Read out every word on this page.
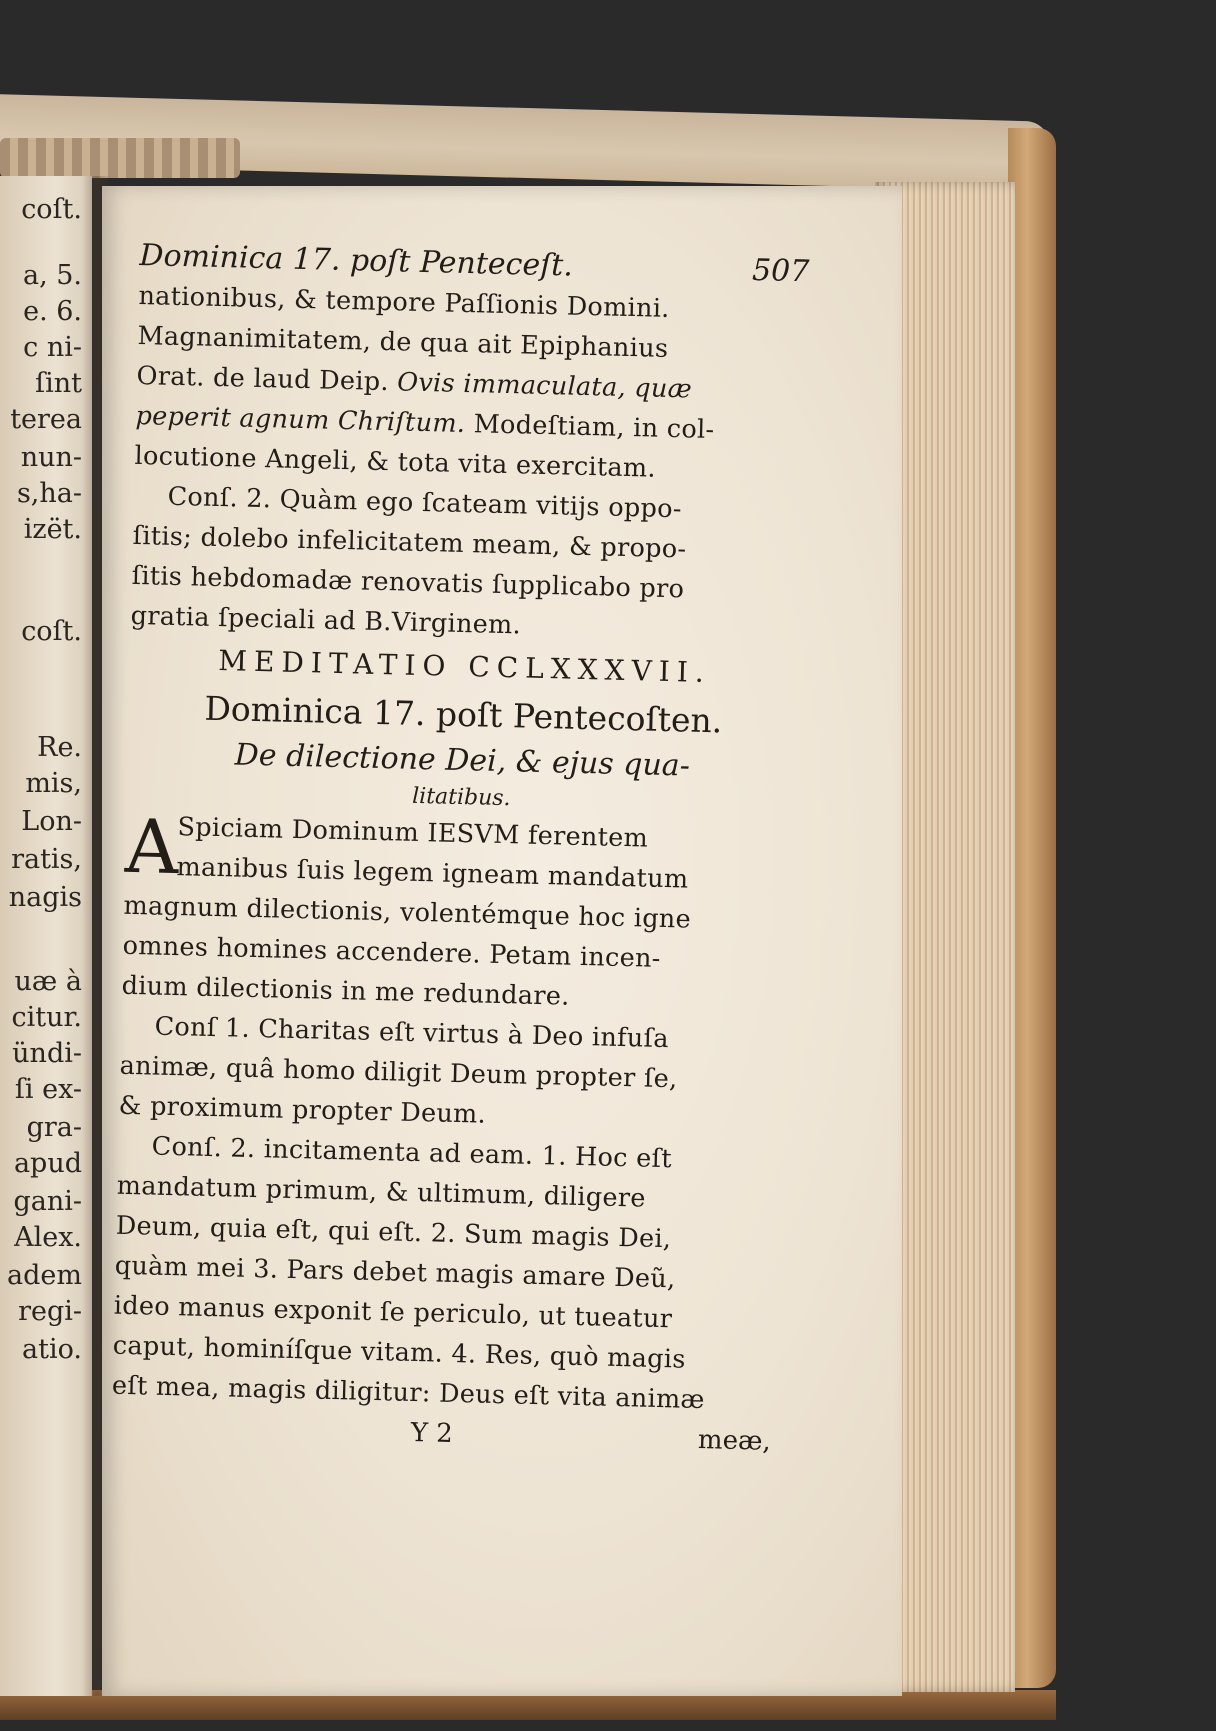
coſt.
a, 5.
e. 6.
c ni-
ſint
terea
nun-
s,ha-
izët.
coſt.
Re.
mis,
Lon-
ratis,
nagis
uæ à
citur.
ündi-
ſi ex-
gra-
apud
gani-
Alex.
adem
regi-
atio.
Dominica 17. poſt Penteceſt.	507
nationibus, & tempore Paſſionis Domini.
Magnanimitatem, de qua ait Epiphanius
Orat. de laud Deip. Ovis immaculata, quæ
peperit agnum Chriſtum. Modeſtiam, in col-
locutione Angeli, & tota vita exercitam.
Conſ. 2. Quàm ego ſcateam vitijs oppo-
ſitis; dolebo infelicitatem meam, & propo-
ſitis hebdomadæ renovatis ſupplicabo pro
gratia ſpeciali ad B.Virginem.
MEDITATIO CCLXXXVII.
Dominica 17. poſt Pentecoſten.
De dilectione Dei, & ejus qua-
litatibus.
A
Spiciam Dominum IESVM ferentem
manibus ſuis legem igneam mandatum
magnum dilectionis, volentémque hoc igne
omnes homines accendere. Petam incen-
dium dilectionis in me redundare.
Conſ 1. Charitas eſt virtus à Deo infuſa
animæ, quâ homo diligit Deum propter ſe,
& proximum propter Deum.
Conſ. 2. incitamenta ad eam. 1. Hoc eſt
mandatum primum, & ultimum, diligere
Deum, quia eſt, qui eſt. 2. Sum magis Dei,
quàm mei 3. Pars debet magis amare Deũ,
ideo manus exponit ſe periculo, ut tueatur
caput, hominíſque vitam. 4. Res, quò magis
eſt mea, magis diligitur: Deus eſt vita animæ
Y 2	meæ,
